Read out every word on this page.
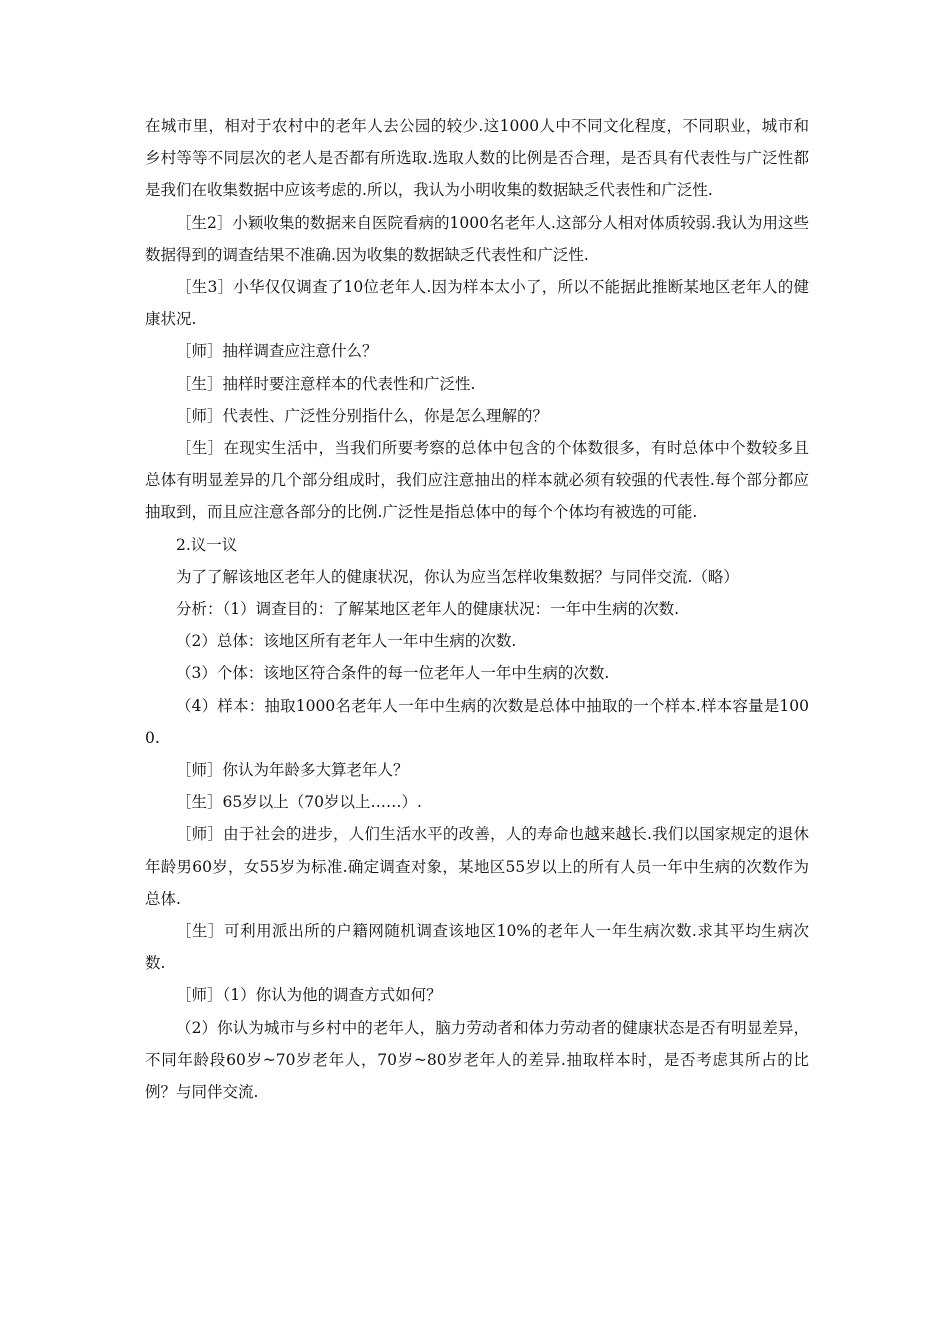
在城市里，相对于农村中的老年人去公园的较少.这1000人中不同文化程度，不同职业，城市和乡村等等不同层次的老人是否都有所选取.选取人数的比例是否合理，是否具有代表性与广泛性都是我们在收集数据中应该考虑的.所以，我认为小明收集的数据缺乏代表性和广泛性.

［生2］小颖收集的数据来自医院看病的1000名老年人.这部分人相对体质较弱.我认为用这些数据得到的调查结果不准确.因为收集的数据缺乏代表性和广泛性.

［生3］小华仅仅调查了10位老年人.因为样本太小了，所以不能据此推断某地区老年人的健康状况.

［师］抽样调查应注意什么？

［生］抽样时要注意样本的代表性和广泛性.

［师］代表性、广泛性分别指什么，你是怎么理解的？

［生］在现实生活中，当我们所要考察的总体中包含的个体数很多，有时总体中个数较多且总体有明显差异的几个部分组成时，我们应注意抽出的样本就必须有较强的代表性.每个部分都应抽取到，而且应注意各部分的比例.广泛性是指总体中的每个个体均有被选的可能.

2.议一议

为了了解该地区老年人的健康状况，你认为应当怎样收集数据？与同伴交流.（略）

分析：（1）调查目的：了解某地区老年人的健康状况：一年中生病的次数.

（2）总体：该地区所有老年人一年中生病的次数.

（3）个体：该地区符合条件的每一位老年人一年中生病的次数.

（4）样本：抽取1000名老年人一年中生病的次数是总体中抽取的一个样本.样本容量是1000.

［师］你认为年龄多大算老年人？

［生］65岁以上（70岁以上……）.

［师］由于社会的进步，人们生活水平的改善，人的寿命也越来越长.我们以国家规定的退休年龄男60岁，女55岁为标准.确定调查对象，某地区55岁以上的所有人员一年中生病的次数作为总体.

［生］可利用派出所的户籍网随机调查该地区10%的老年人一年生病次数.求其平均生病次数.

［师］（1）你认为他的调查方式如何？

（2）你认为城市与乡村中的老年人，脑力劳动者和体力劳动者的健康状态是否有明显差异，不同年龄段60岁~70岁老年人，70岁~80岁老年人的差异.抽取样本时，是否考虑其所占的比例？与同伴交流.
